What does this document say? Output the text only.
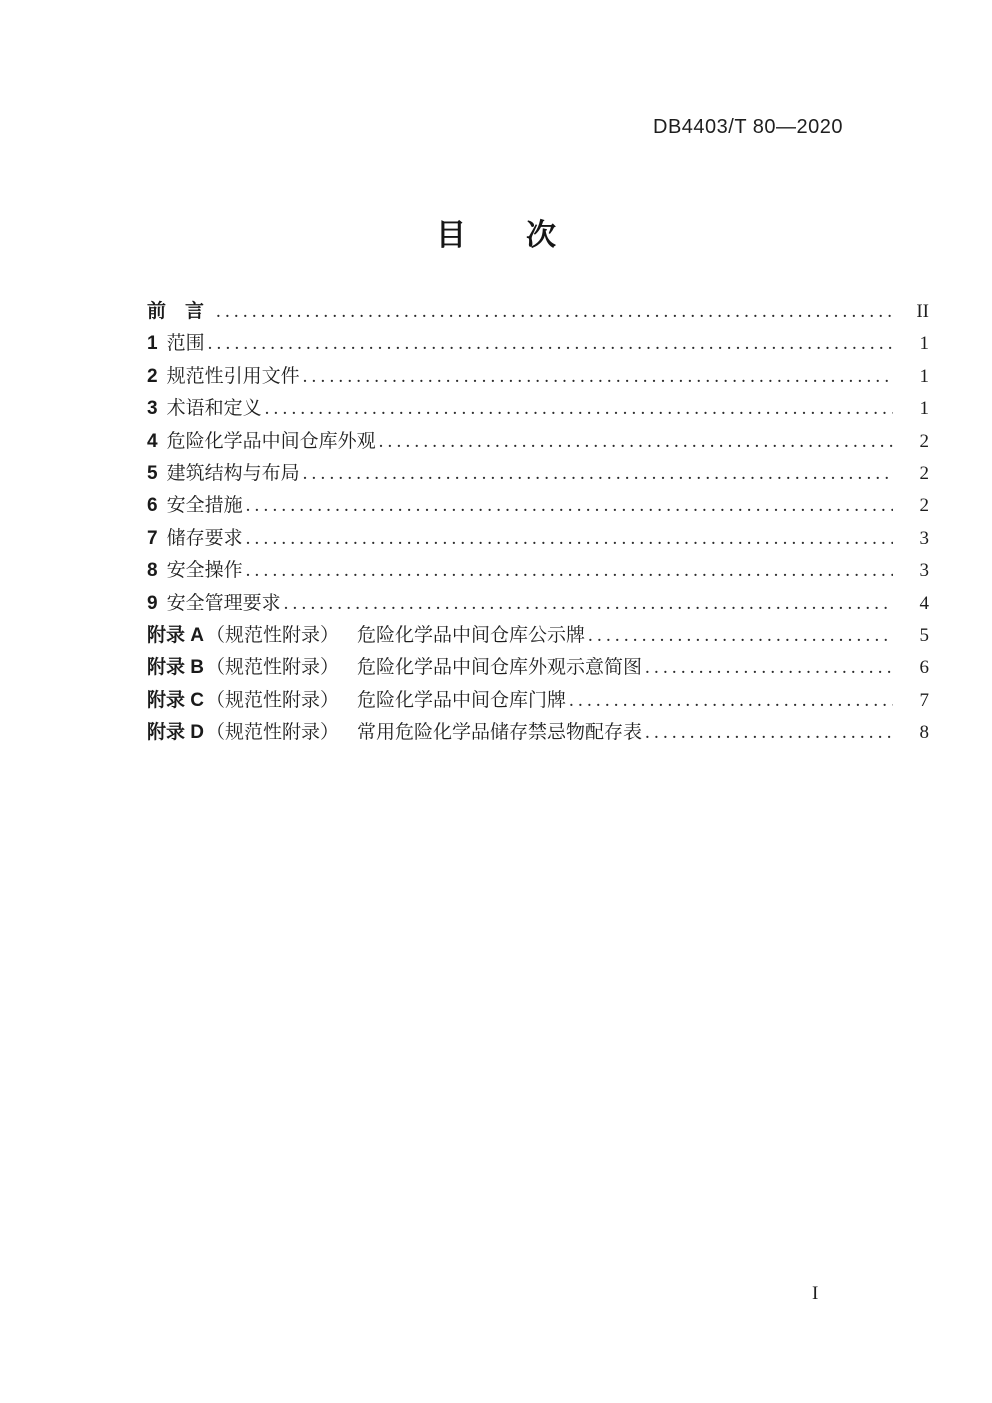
DB4403/T 80—2020
目　　次
前　言 .....	II
1 范围 .....	1
2 规范性引用文件 .....	1
3 术语和定义 .....	1
4 危险化学品中间仓库外观 .....	2
5 建筑结构与布局 .....	2
6 安全措施 .....	2
7 储存要求 .....	3
8 安全操作 .....	3
9 安全管理要求 .....	4
附录 A （规范性附录） 危险化学品中间仓库公示牌 .....	5
附录 B （规范性附录） 危险化学品中间仓库外观示意简图 .....	6
附录 C （规范性附录） 危险化学品中间仓库门牌 .....	7
附录 D （规范性附录） 常用危险化学品储存禁忌物配存表 .....	8
I
